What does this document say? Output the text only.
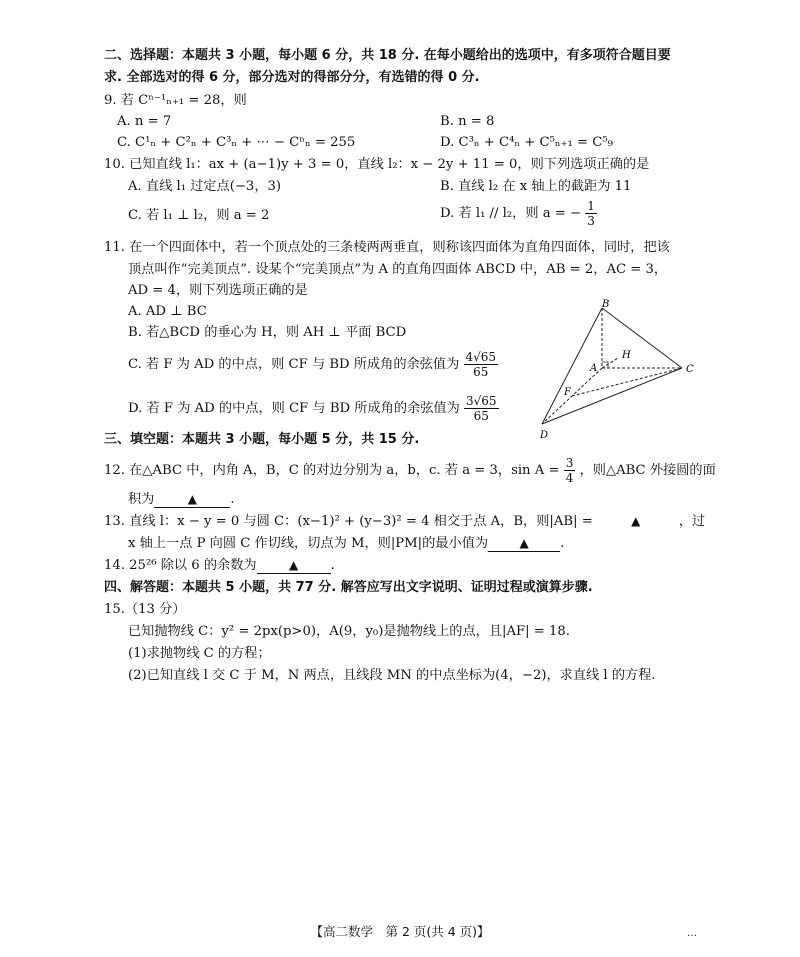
二、选择题：本题共 3 小题，每小题 6 分，共 18 分. 在每小题给出的选项中，有多项符合题目要
求. 全部选对的得 6 分，部分选对的得部分分，有选错的得 0 分.
9. 若 Cⁿ⁻¹ₙ₊₁ = 28，则
A. n = 7	B. n = 8
C. C¹ₙ + C²ₙ + C³ₙ + ⋯ − Cⁿₙ = 255	D. C³ₙ + C⁴ₙ + C⁵ₙ₊₁ = C⁵₉
10. 已知直线 l₁：ax + (a−1)y + 3 = 0，直线 l₂：x − 2y + 11 = 0，则下列选项正确的是
A. 直线 l₁ 过定点(−3，3)	B. 直线 l₂ 在 x 轴上的截距为 11
C. 若 l₁ ⊥ l₂，则 a = 2	D. 若 l₁ // l₂，则 a = − $\frac{1}{3}$
11. 在一个四面体中，若一个顶点处的三条棱两两垂直，则称该四面体为直角四面体，同时，把该
顶点叫作“完美顶点”. 设某个“完美顶点”为 A 的直角四面体 ABCD 中，AB = 2，AC = 3，
AD = 4，则下列选项正确的是
A. AD ⊥ BC
B. 若△BCD 的垂心为 H，则 AH ⊥ 平面 BCD
C. 若 F 为 AD 的中点，则 CF 与 BD 所成角的余弦值为 $\frac{4√65}{65}$
D. 若 F 为 AD 的中点，则 CF 与 BD 所成角的余弦值为 $\frac{3√65}{65}$
B
H
A	C
F
D
三、填空题：本题共 3 小题，每小题 5 分，共 15 分.
12. 在△ABC 中，内角 A，B，C 的对边分别为 a，b，c. 若 a = 3，$\sin A = \frac{3}{4}$ ，则△ABC 外接圆的面
积为	▲	.
13. 直线 l：x − y = 0 与圆 C：(x−1)² + (y−3)² = 4 相交于点 A，B，则|AB| =	▲	，过
x 轴上一点 P 向圆 C 作切线，切点为 M，则|PM|的最小值为	▲ .
14. 25²⁶ 除以 6 的余数为	▲ .
四、解答题：本题共 5 小题，共 77 分. 解答应写出文字说明、证明过程或演算步骤.
15.（13 分）
已知抛物线 C：y² = 2px(p>0)，A(9，y₀)是抛物线上的点，且|AF| = 18.
(1)求抛物线 C 的方程；
(2)已知直线 l 交 C 于 M，N 两点，且线段 MN 的中点坐标为(4，−2)，求直线 l 的方程.
【高二数学　第 2 页(共 4 页)】	…
